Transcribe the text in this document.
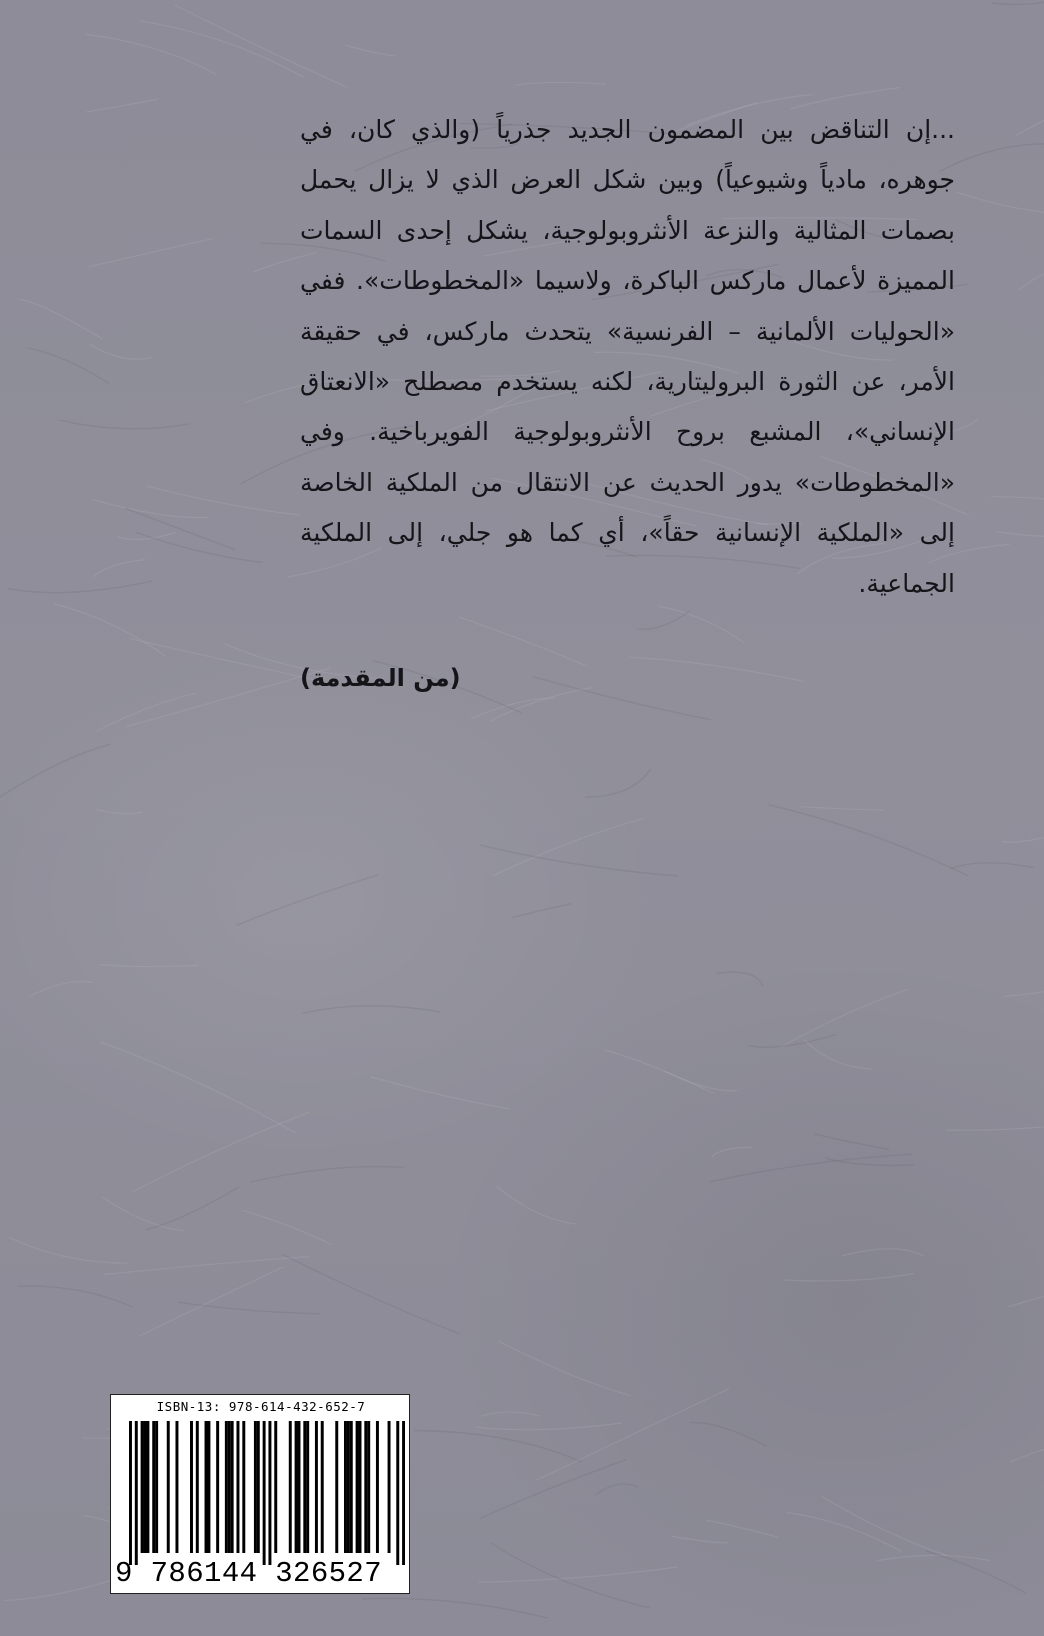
...إن التناقض بين المضمون الجديد جذرياً (والذي كان، في جوهره، مادياً وشيوعياً) وبين شكل العرض الذي لا يزال يحمل بصمات المثالية والنزعة الأنثروبولوجية، يشكل إحدى السمات المميزة لأعمال ماركس الباكرة، ولاسيما «المخطوطات». ففي «الحوليات الألمانية – الفرنسية» يتحدث ماركس، في حقيقة الأمر، عن الثورة البروليتارية، لكنه يستخدم مصطلح «الانعتاق الإنساني»، المشبع بروح الأنثروبولوجية الفويرباخية. وفي «المخطوطات» يدور الحديث عن الانتقال من الملكية الخاصة إلى «الملكية الإنسانية حقاً»، أي كما هو جلي، إلى الملكية الجماعية.

(من المقدمة)
ISBN-13: 978-614-432-652-7
9 786144 326527
